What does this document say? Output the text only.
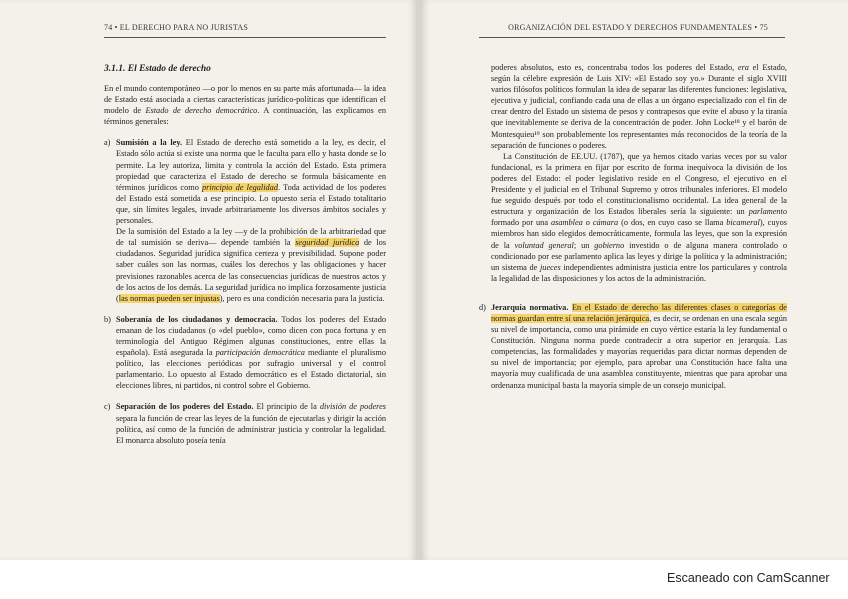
74 • EL DERECHO PARA NO JURISTAS
3.1.1. El Estado de derecho

En el mundo contemporáneo —o por lo menos en su parte más afortunada— la idea de Estado está asociada a ciertas características jurídico-políticas que identifican el modelo de Estado de derecho democrático. A continuación, las explicamos en términos generales:

a) Sumisión a la ley. El Estado de derecho está sometido a la ley, es decir, el Estado sólo actúa si existe una norma que le faculta para ello y hasta donde se lo permite. La ley autoriza, limita y controla la acción del Estado. Esta primera propiedad que caracteriza el Estado de derecho se formula básicamente en términos jurídicos como principio de legalidad. Toda actividad de los poderes del Estado está sometida a ese principio. Lo opuesto sería el Estado totalitario que, sin límites legales, invade arbitrariamente los diversos ámbitos sociales y personales.

De la sumisión del Estado a la ley —y de la prohibición de la arbitrariedad que de tal sumisión se deriva— depende también la seguridad jurídica de los ciudadanos. Seguridad jurídica significa certeza y previsibilidad. Supone poder saber cuáles son las normas, cuáles los derechos y las obligaciones y hacer previsiones razonables acerca de las consecuencias jurídicas de nuestros actos y de los actos de los demás. La seguridad jurídica no implica forzosamente justicia (las normas pueden ser injustas), pero es una condición necesaria para la justicia.

b) Soberanía de los ciudadanos y democracia. Todos los poderes del Estado emanan de los ciudadanos (o «del pueblo», como dicen con poca fortuna y en terminología del Antiguo Régimen algunas constituciones, entre ellas la española). Está asegurada la participación democrática mediante el pluralismo político, las elecciones periódicas por sufragio universal y el control parlamentario. Lo opuesto al Estado democrático es el Estado dictatorial, sin elecciones libres, ni partidos, ni control sobre el Gobierno.

c) Separación de los poderes del Estado. El principio de la división de poderes separa la función de crear las leyes de la función de ejecutarlas y dirigir la acción política, así como de la función de administrar justicia y controlar la legalidad. El monarca absoluto poseía tenía

ORGANIZACIÓN DEL ESTADO Y DERECHOS FUNDAMENTALES • 75

poderes absolutos, esto es, concentraba todos los poderes del Estado, era el Estado, según la célebre expresión de Luis XIV: «El Estado soy yo.» Durante el siglo XVIII varios filósofos políticos formulan la idea de separar las diferentes funciones: legislativa, ejecutiva y judicial, confiando cada una de ellas a un órgano especializado con el fin de crear dentro del Estado un sistema de pesos y contrapesos que evite el abuso y la tiranía que inevitablemente se deriva de la concentración de poder. John Locke¹⁸ y el barón de Montesquieu¹⁹ son probablemente los representantes más reconocidos de la teoría de la separación de funciones o poderes.

La Constitución de EE.UU. (1787), que ya hemos citado varias veces por su valor fundacional, es la primera en fijar por escrito de forma inequívoca la división de los poderes del Estado: el poder legislativo reside en el Congreso, el ejecutivo en el Presidente y el judicial en el Tribunal Supremo y otros tribunales inferiores. El modelo fue seguido después por todo el constitucionalismo occidental. La idea general de la estructura y organización de los Estados liberales sería la siguiente: un parlamento formado por una asamblea o cámara (o dos, en cuyo caso se llama bicameral), cuyos miembros han sido elegidos democráticamente, formula las leyes, que son la expresión de la voluntad general; un gobierno investido o de alguna manera controlado o condicionado por ese parlamento aplica las leyes y dirige la política y la administración; un sistema de jueces independientes administra justicia entre los particulares y controla la legalidad de las disposiciones y los actos de la administración.

d) Jerarquía normativa. En el Estado de derecho las diferentes clases o categorías de normas guardan entre sí una relación jerárquica, es decir, se ordenan en una escala según su nivel de importancia, como una pirámide en cuyo vértice estaría la ley fundamental o Constitución. Ninguna norma puede contradecir a otra superior en jerarquía. Las competencias, las formalidades y mayorías requeridas para dictar normas dependen de su nivel de importancia; por ejemplo, para aprobar una Constitución hace falta una mayoría muy cualificada de una asamblea constituyente, mientras que para aprobar una ordenanza municipal basta la mayoría simple de un consejo municipal.

Escaneado con CamScanner
